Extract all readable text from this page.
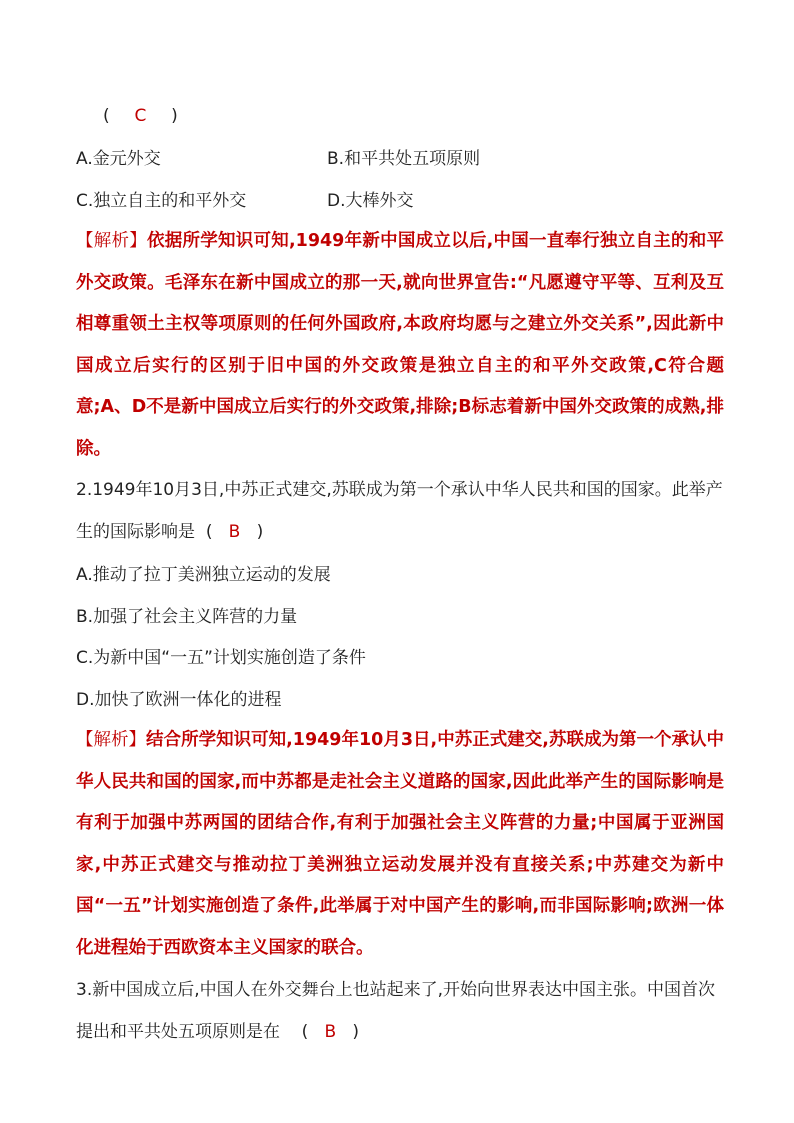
( C )
A.金元外交	B.和平共处五项原则
C.独立自主的和平外交	D.大棒外交
【解析】依据所学知识可知,1949年新中国成立以后,中国一直奉行独立自主的和平外交政策。毛泽东在新中国成立的那一天,就向世界宣告:“凡愿遵守平等、互利及互相尊重领土主权等项原则的任何外国政府,本政府均愿与之建立外交关系”,因此新中国成立后实行的区别于旧中国的外交政策是独立自主的和平外交政策,C符合题意;A、D不是新中国成立后实行的外交政策,排除;B标志着新中国外交政策的成熟,排除。
2.1949年10月3日,中苏正式建交,苏联成为第一个承认中华人民共和国的国家。此举产生的国际影响是 ( B )
A.推动了拉丁美洲独立运动的发展
B.加强了社会主义阵营的力量
C.为新中国“一五”计划实施创造了条件
D.加快了欧洲一体化的进程
【解析】结合所学知识可知,1949年10月3日,中苏正式建交,苏联成为第一个承认中华人民共和国的国家,而中苏都是走社会主义道路的国家,因此此举产生的国际影响是有利于加强中苏两国的团结合作,有利于加强社会主义阵营的力量;中国属于亚洲国家,中苏正式建交与推动拉丁美洲独立运动发展并没有直接关系;中苏建交为新中国“一五”计划实施创造了条件,此举属于对中国产生的影响,而非国际影响;欧洲一体化进程始于西欧资本主义国家的联合。
3.新中国成立后,中国人在外交舞台上也站起来了,开始向世界表达中国主张。中国首次提出和平共处五项原则是在 ( B )
